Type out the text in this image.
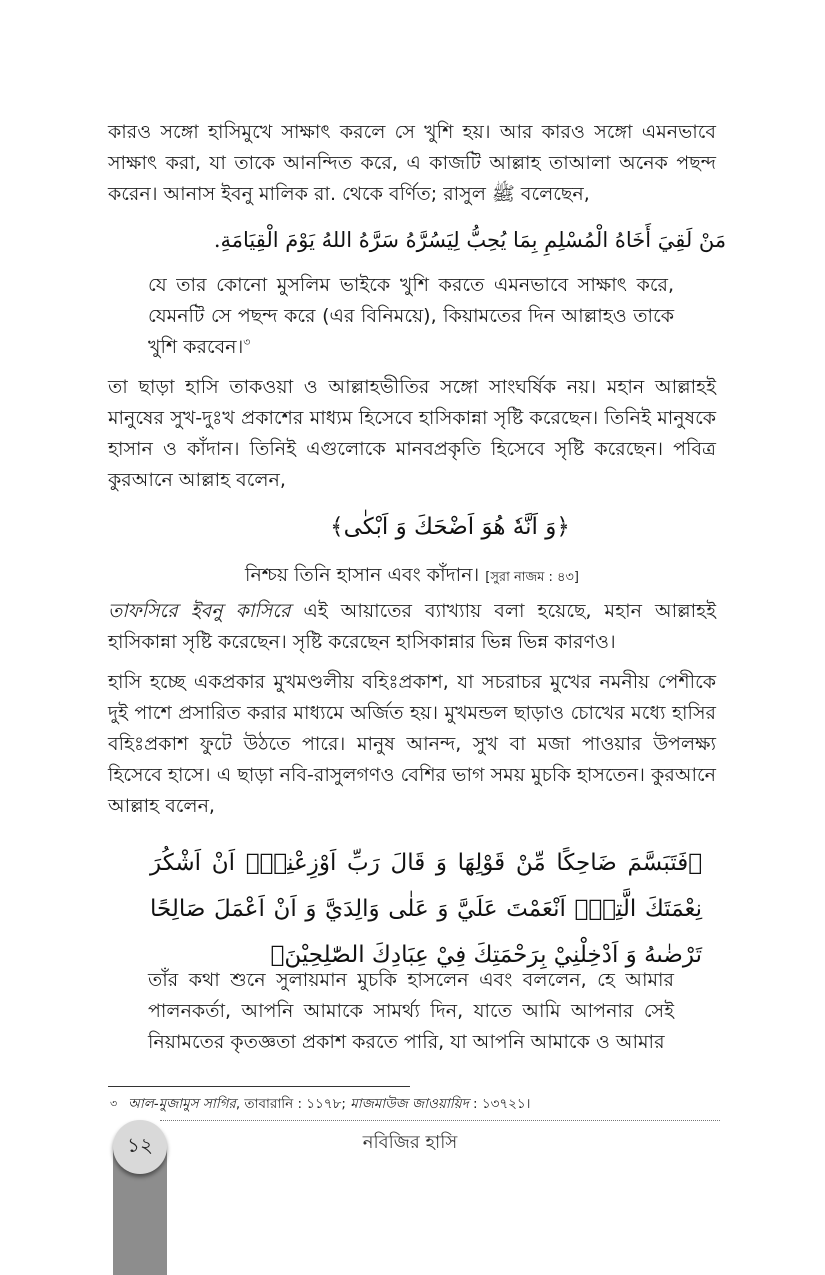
কারও সঙ্গো হাসিমুখে সাক্ষাৎ করলে সে খুশি হয়। আর কারও সঙ্গো এমনভাবে সাক্ষাৎ করা, যা তাকে আনন্দিত করে, এ কাজটি আল্লাহ তাআলা অনেক পছন্দ করেন। আনাস ইবনু মালিক রা. থেকে বর্ণিত; রাসুল ﷺ বলেছেন,

مَنْ لَقِيَ أَخَاهُ الْمُسْلِمِ بِمَا يُحِبُّ لِيَسُرَّهُ سَرَّهُ اللهُ يَوْمَ الْقِيَامَةِ.

যে তার কোনো মুসলিম ভাইকে খুশি করতে এমনভাবে সাক্ষাৎ করে, যেমনটি সে পছন্দ করে (এর বিনিময়ে), কিয়ামতের দিন আল্লাহও তাকে খুশি করবেন।$^৩$

তা ছাড়া হাসি তাকওয়া ও আল্লাহভীতির সঙ্গো সাংঘর্ষিক নয়। মহান আল্লাহই মানুষের সুখ-দুঃখ প্রকাশের মাধ্যম হিসেবে হাসিকান্না সৃষ্টি করেছেন। তিনিই মানুষকে হাসান ও কাঁদান। তিনিই এগুলোকে মানবপ্রকৃতি হিসেবে সৃষ্টি করেছেন। পবিত্র কুরআনে আল্লাহ বলেন,

﴿وَ اَنَّهٗ هُوَ اَضْحَكَ وَ اَبْكٰى﴾

নিশ্চয় তিনি হাসান এবং কাঁদান। [সুরা নাজম : ৪৩]

তাফসিরে ইবনু কাসিরে এই আয়াতের ব্যাখ্যায় বলা হয়েছে, মহান আল্লাহই হাসিকান্না সৃষ্টি করেছেন। সৃষ্টি করেছেন হাসিকান্নার ভিন্ন ভিন্ন কারণও।

হাসি হচ্ছে একপ্রকার মুখমণ্ডলীয় বহিঃপ্রকাশ, যা সচরাচর মুখের নমনীয় পেশীকে দুই পাশে প্রসারিত করার মাধ্যমে অর্জিত হয়। মুখমন্ডল ছাড়াও চোখের মধ্যে হাসির বহিঃপ্রকাশ ফুটে উঠতে পারে। মানুষ আনন্দ, সুখ বা মজা পাওয়ার উপলক্ষ্য হিসেবে হাসে। এ ছাড়া নবি-রাসুলগণও বেশির ভাগ সময় মুচকি হাসতেন। কুরআনে আল্লাহ বলেন,

﴿فَتَبَسَّمَ ضَاحِكًا مِّنْ قَوْلِهَا وَ قَالَ رَبِّ اَوْزِعْنِيْۤ اَنْ اَشْكُرَ نِعْمَتَكَ الَّتِيْۤ اَنْعَمْتَ عَلَيَّ وَ عَلٰى وَالِدَيَّ وَ اَنْ اَعْمَلَ صَالِحًا تَرْضٰىهُ وَ اَدْخِلْنِيْ بِرَحْمَتِكَ فِيْ عِبَادِكَ الصّٰلِحِيْنَ﴾

তাঁর কথা শুনে সুলায়মান মুচকি হাসলেন এবং বললেন, হে আমার পালনকর্তা, আপনি আমাকে সামর্থ্য দিন, যাতে আমি আপনার সেই নিয়ামতের কৃতজ্ঞতা প্রকাশ করতে পারি, যা আপনি আমাকে ও আমার

৩ আল-মুজামুস সাগির, তাবারানি : ১১৭৮; মাজমাউজ জাওয়ায়িদ : ১৩৭২১।
১২	নবিজির হাসি
